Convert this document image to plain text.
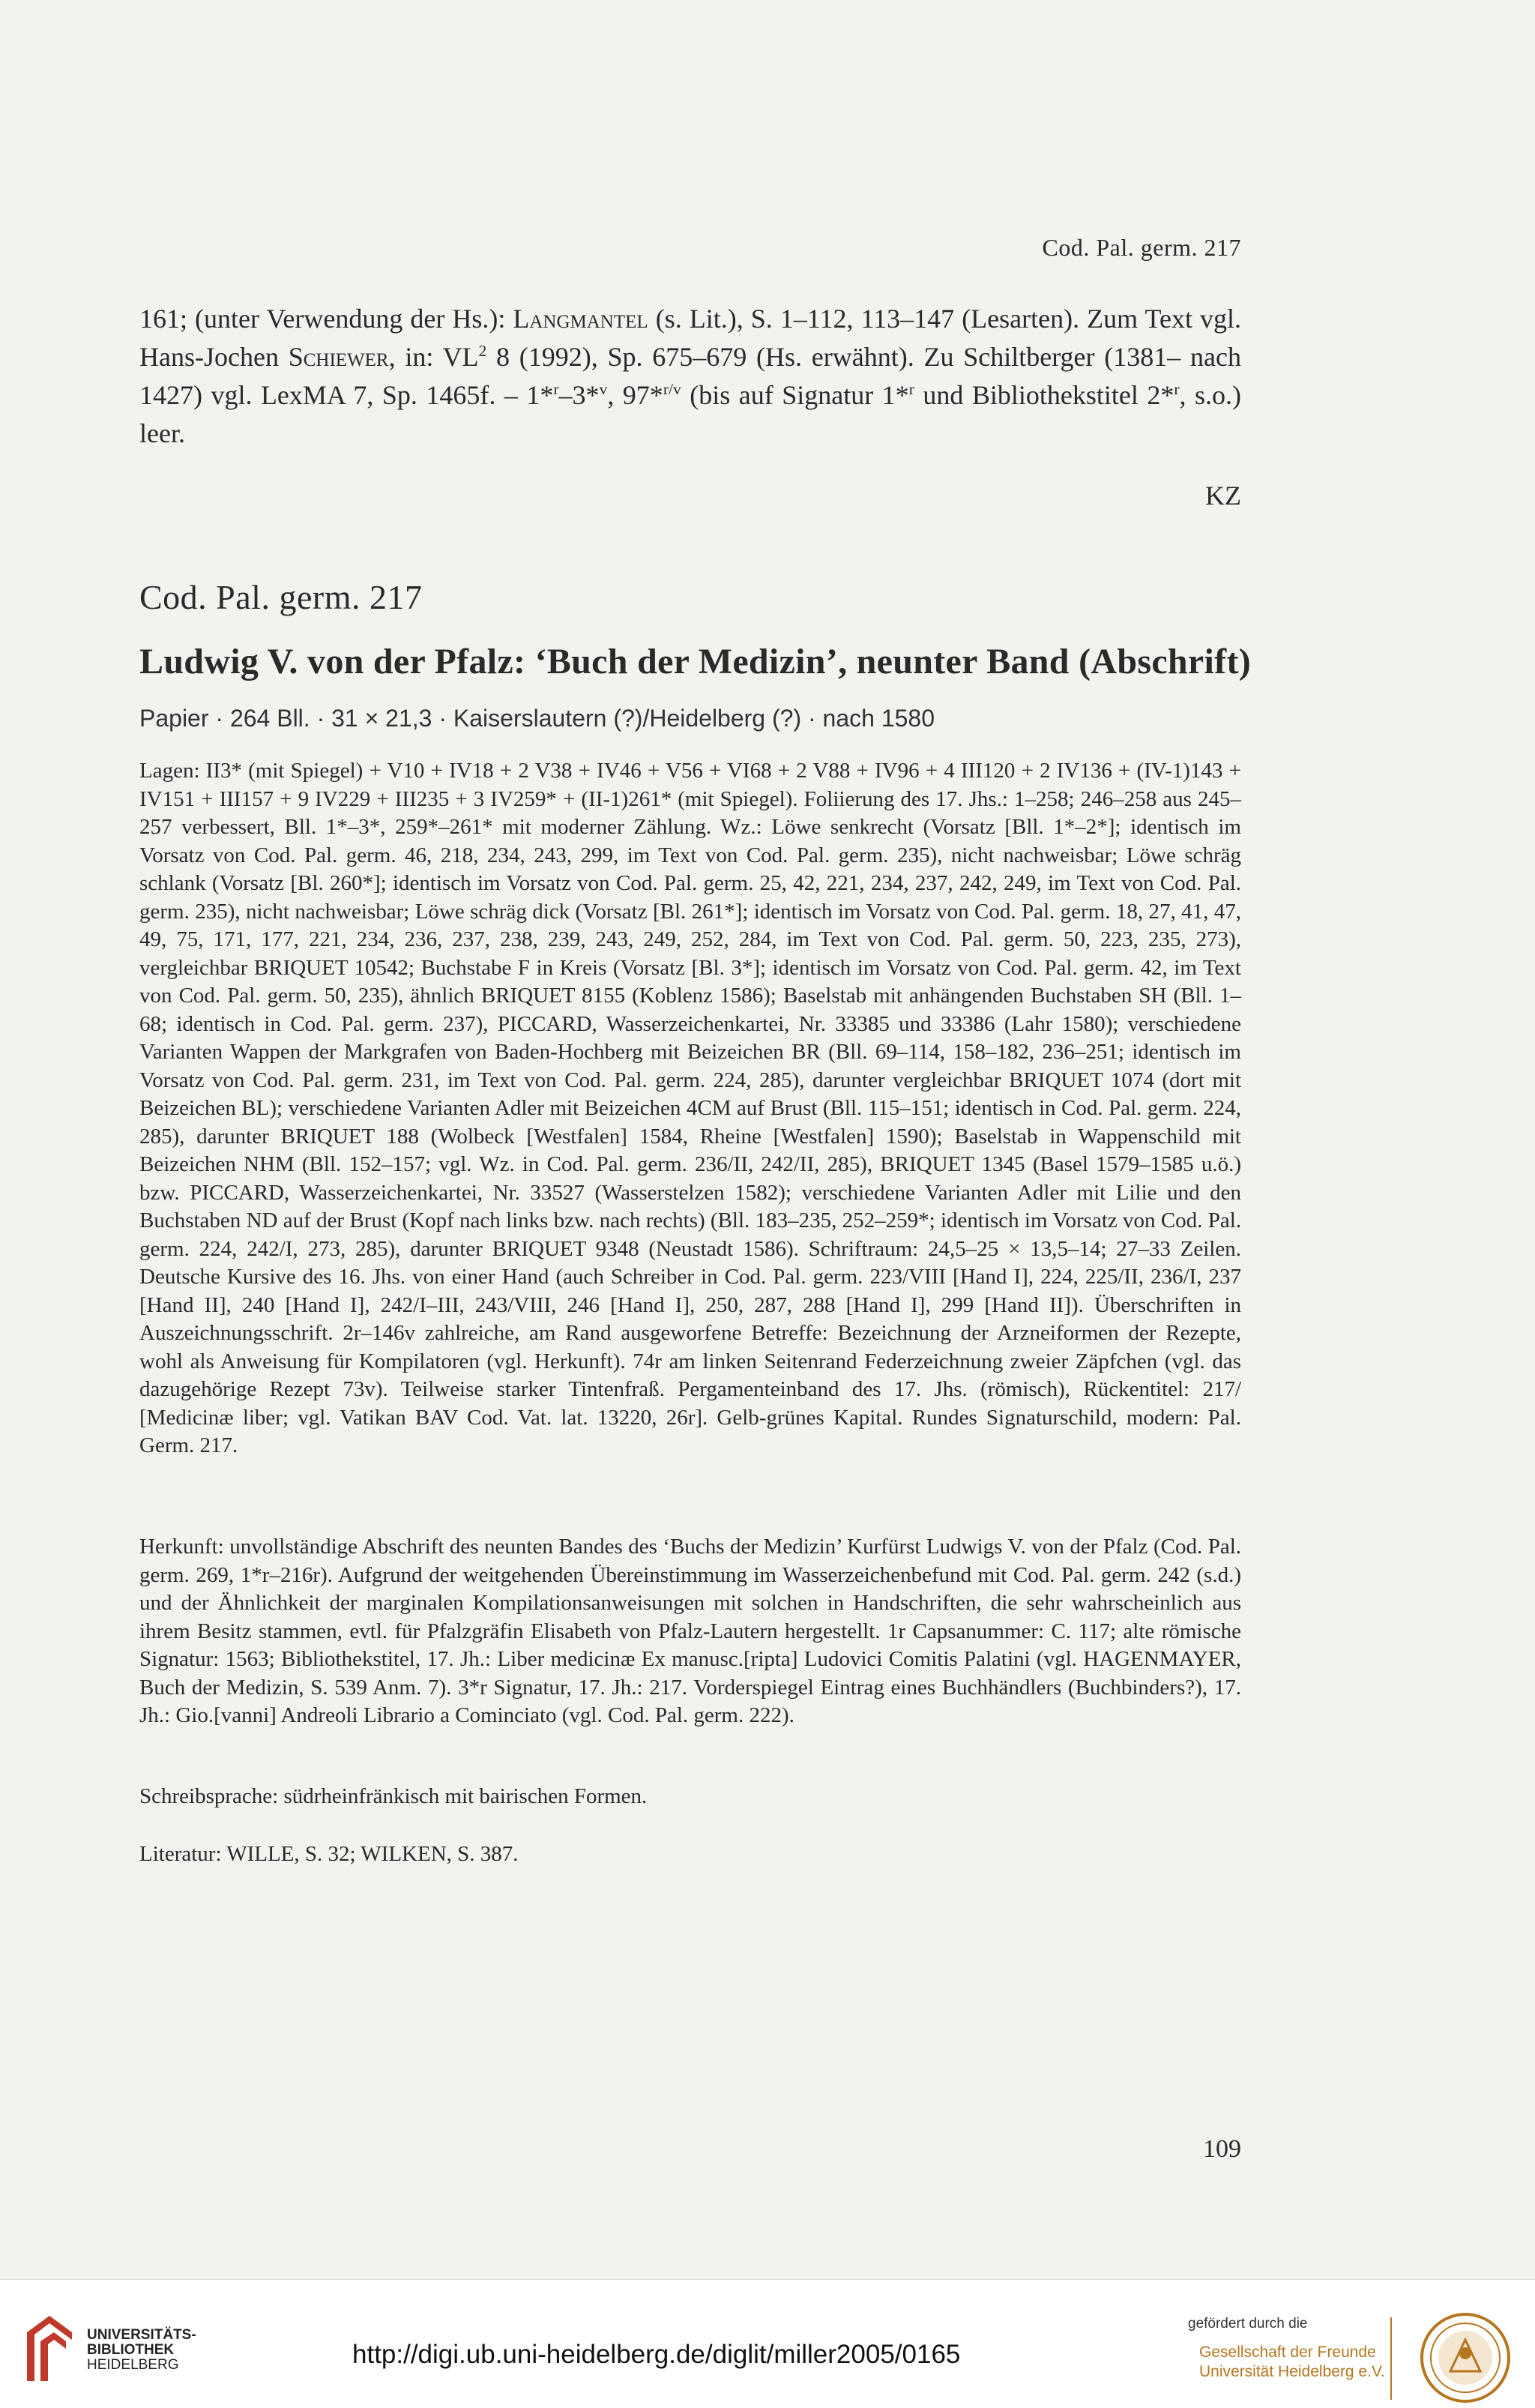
Cod. Pal. germ. 217
161; (unter Verwendung der Hs.): Langmantel (s. Lit.), S. 1–112, 113–147 (Lesarten). Zum Text vgl. Hans-Jochen Schiewer, in: $VL^2$ 8 (1992), Sp. 675–679 (Hs. erwähnt). Zu Schiltberger (1381– nach 1427) vgl. LexMA 7, Sp. 1465f. – 1*$^r$–3*$^v$, 97*$^{r/v}$ (bis auf Signatur 1*$^r$ und Bibliothekstitel 2*$^r$, s.o.) leer.
KZ
Cod. Pal. germ. 217
Ludwig V. von der Pfalz: ‘Buch der Medizin’, neunter Band (Abschrift)
Papier · 264 Bll. · 31 × 21,3 · Kaiserslautern (?)/Heidelberg (?) · nach 1580
Lagen: II3* (mit Spiegel) + V10 + IV18 + 2 V38 + IV46 + V56 + VI68 + 2 V88 + IV96 + 4 III120 + 2 IV136 + (IV-1)143 + IV151 + III157 + 9 IV229 + III235 + 3 IV259* + (II-1)261* (mit Spiegel). Foliierung des 17. Jhs.: 1–258; 246–258 aus 245–257 verbessert, Bll. 1*–3*, 259*–261* mit moderner Zählung. Wz.: Löwe senkrecht (Vorsatz [Bll. 1*–2*]; identisch im Vorsatz von Cod. Pal. germ. 46, 218, 234, 243, 299, im Text von Cod. Pal. germ. 235), nicht nachweisbar; Löwe schräg schlank (Vorsatz [Bl. 260*]; identisch im Vorsatz von Cod. Pal. germ. 25, 42, 221, 234, 237, 242, 249, im Text von Cod. Pal. germ. 235), nicht nachweisbar; Löwe schräg dick (Vorsatz [Bl. 261*]; identisch im Vorsatz von Cod. Pal. germ. 18, 27, 41, 47, 49, 75, 171, 177, 221, 234, 236, 237, 238, 239, 243, 249, 252, 284, im Text von Cod. Pal. germ. 50, 223, 235, 273), vergleichbar BRIQUET 10542; Buchstabe F in Kreis (Vorsatz [Bl. 3*]; identisch im Vorsatz von Cod. Pal. germ. 42, im Text von Cod. Pal. germ. 50, 235), ähnlich BRIQUET 8155 (Koblenz 1586); Baselstab mit anhängenden Buchstaben SH (Bll. 1–68; identisch in Cod. Pal. germ. 237), PICCARD, Wasserzeichenkartei, Nr. 33385 und 33386 (Lahr 1580); verschiedene Varianten Wappen der Markgrafen von Baden-Hochberg mit Beizeichen BR (Bll. 69–114, 158–182, 236–251; identisch im Vorsatz von Cod. Pal. germ. 231, im Text von Cod. Pal. germ. 224, 285), darunter vergleichbar BRIQUET 1074 (dort mit Beizeichen BL); verschiedene Varianten Adler mit Beizeichen 4CM auf Brust (Bll. 115–151; identisch in Cod. Pal. germ. 224, 285), darunter BRIQUET 188 (Wolbeck [Westfalen] 1584, Rheine [Westfalen] 1590); Baselstab in Wappenschild mit Beizeichen NHM (Bll. 152–157; vgl. Wz. in Cod. Pal. germ. 236/II, 242/II, 285), BRIQUET 1345 (Basel 1579–1585 u.ö.) bzw. PICCARD, Wasserzeichenkartei, Nr. 33527 (Wasserstelzen 1582); verschiedene Varianten Adler mit Lilie und den Buchstaben ND auf der Brust (Kopf nach links bzw. nach rechts) (Bll. 183–235, 252–259*; identisch im Vorsatz von Cod. Pal. germ. 224, 242/I, 273, 285), darunter BRIQUET 9348 (Neustadt 1586). Schriftraum: 24,5–25 × 13,5–14; 27–33 Zeilen. Deutsche Kursive des 16. Jhs. von einer Hand (auch Schreiber in Cod. Pal. germ. 223/VIII [Hand I], 224, 225/II, 236/I, 237 [Hand II], 240 [Hand I], 242/I–III, 243/VIII, 246 [Hand I], 250, 287, 288 [Hand I], 299 [Hand II]). Überschriften in Auszeichnungsschrift. 2r–146v zahlreiche, am Rand ausgeworfene Betreffe: Bezeichnung der Arzneiformen der Rezepte, wohl als Anweisung für Kompilatoren (vgl. Herkunft). 74r am linken Seitenrand Federzeichnung zweier Zäpfchen (vgl. das dazugehörige Rezept 73v). Teilweise starker Tintenfraß. Pergamenteinband des 17. Jhs. (römisch), Rückentitel: 217/ [Medicinæ liber; vgl. Vatikan BAV Cod. Vat. lat. 13220, 26r]. Gelb-grünes Kapital. Rundes Signaturschild, modern: Pal. Germ. 217.
Herkunft: unvollständige Abschrift des neunten Bandes des ‘Buchs der Medizin’ Kurfürst Ludwigs V. von der Pfalz (Cod. Pal. germ. 269, 1*r–216r). Aufgrund der weitgehenden Übereinstimmung im Wasserzeichenbefund mit Cod. Pal. germ. 242 (s.d.) und der Ähnlichkeit der marginalen Kompilationsanweisungen mit solchen in Handschriften, die sehr wahrscheinlich aus ihrem Besitz stammen, evtl. für Pfalzgräfin Elisabeth von Pfalz-Lautern hergestellt. 1r Capsanummer: C. 117; alte römische Signatur: 1563; Bibliothekstitel, 17. Jh.: Liber medicinæ Ex manusc.[ripta] Ludovici Comitis Palatini (vgl. HAGENMAYER, Buch der Medizin, S. 539 Anm. 7). 3*r Signatur, 17. Jh.: 217. Vorderspiegel Eintrag eines Buchhändlers (Buchbinders?), 17. Jh.: Gio.[vanni] Andreoli Librario a Cominciato (vgl. Cod. Pal. germ. 222).
Schreibsprache: südrheinfränkisch mit bairischen Formen.
Literatur: WILLE, S. 32; WILKEN, S. 387.
109
UNIVERSITÄTS-
BIBLIOTHEK
HEIDELBERG	http://digi.ub.uni-heidelberg.de/diglit/miller2005/0165
gefördert durch die
Gesellschaft der Freunde
Universität Heidelberg e.V.
